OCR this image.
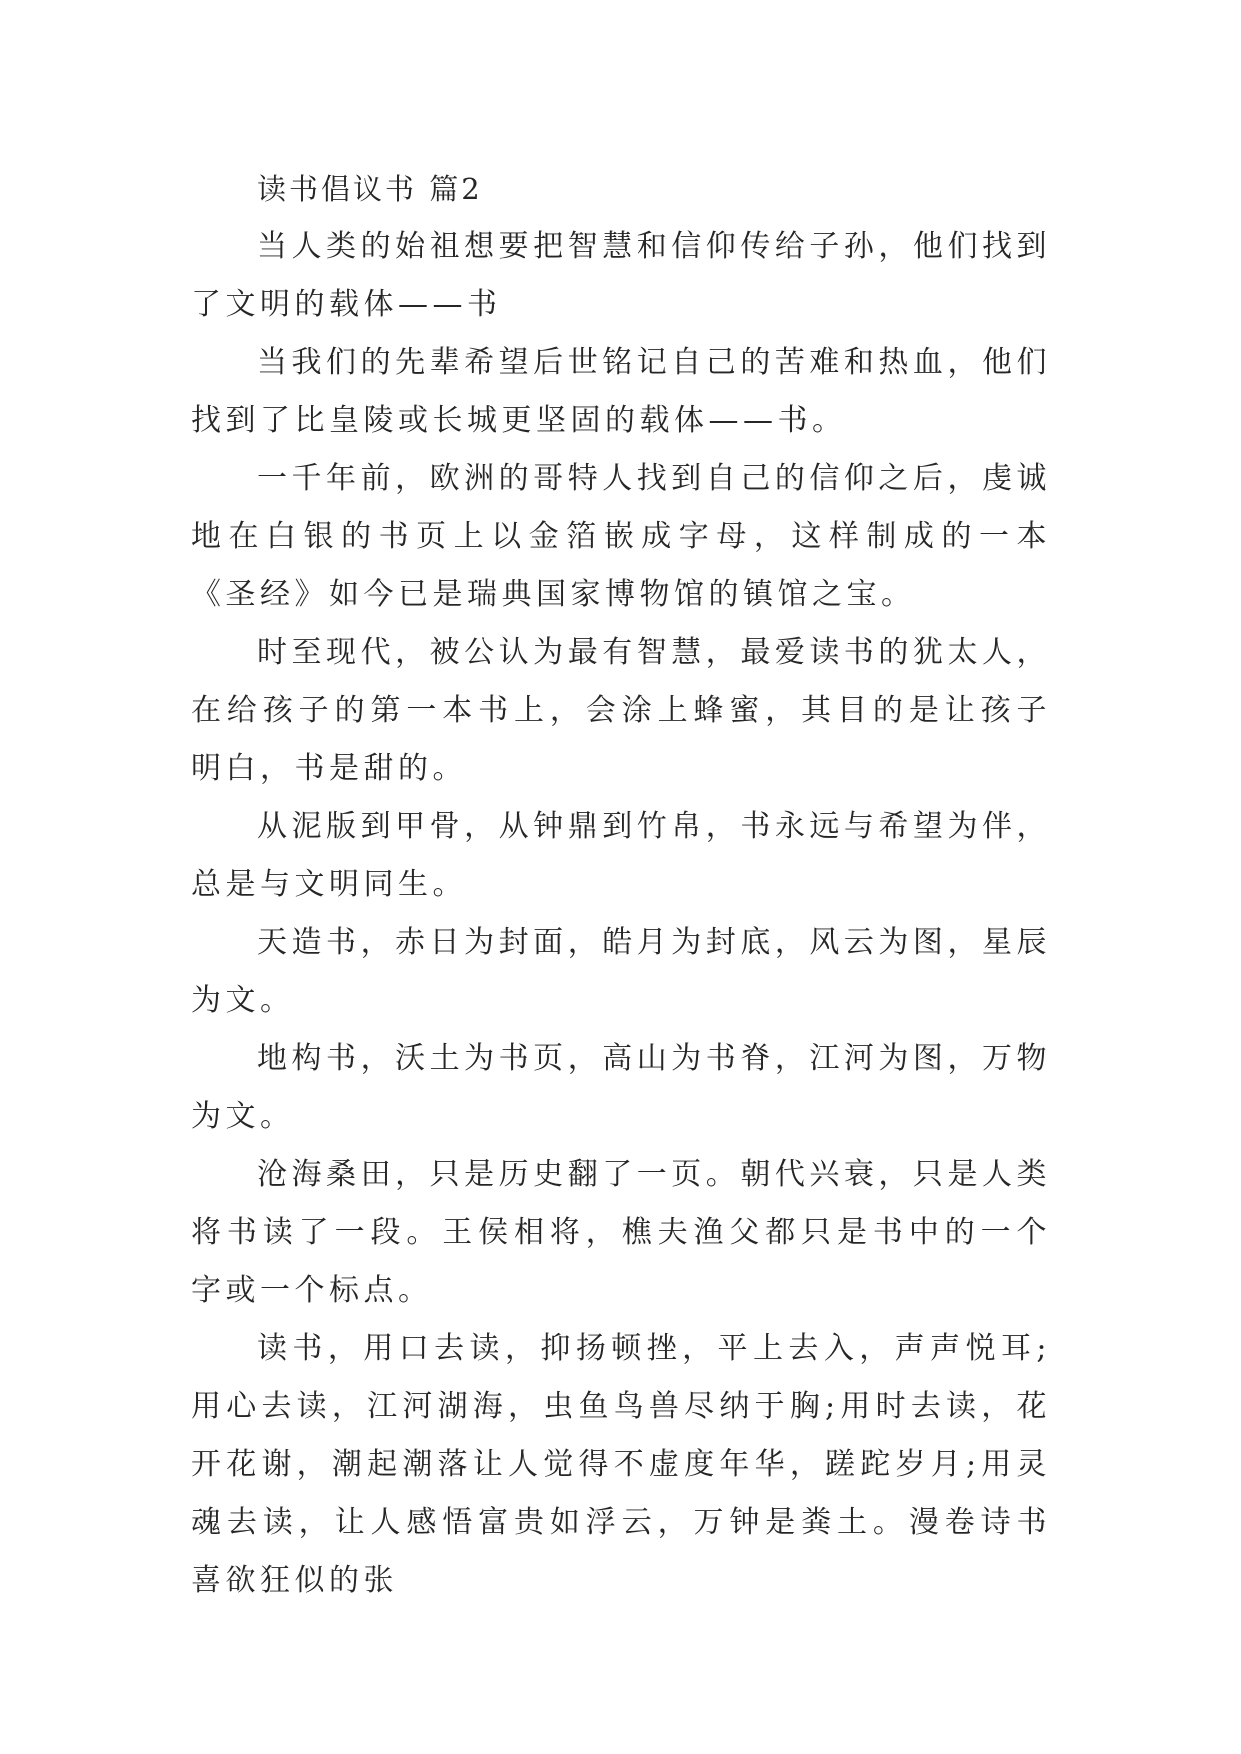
读书倡议书 篇2

当人类的始祖想要把智慧和信仰传给子孙，他们找到了文明的载体——书

当我们的先辈希望后世铭记自己的苦难和热血，他们找到了比皇陵或长城更坚固的载体——书。

一千年前，欧洲的哥特人找到自己的信仰之后，虔诚地在白银的书页上以金箔嵌成字母，这样制成的一本《圣经》如今已是瑞典国家博物馆的镇馆之宝。

时至现代，被公认为最有智慧，最爱读书的犹太人，在给孩子的第一本书上，会涂上蜂蜜，其目的是让孩子明白，书是甜的。

从泥版到甲骨，从钟鼎到竹帛，书永远与希望为伴，总是与文明同生。

天造书，赤日为封面，皓月为封底，风云为图，星辰为文。

地构书，沃土为书页，高山为书脊，江河为图，万物为文。

沧海桑田，只是历史翻了一页。朝代兴衰，只是人类将书读了一段。王侯相将，樵夫渔父都只是书中的一个字或一个标点。

读书，用口去读，抑扬顿挫，平上去入，声声悦耳;用心去读，江河湖海，虫鱼鸟兽尽纳于胸;用时去读，花开花谢，潮起潮落让人觉得不虚度年华，蹉跎岁月;用灵魂去读，让人感悟富贵如浮云，万钟是粪土。漫卷诗书喜欲狂似的张
